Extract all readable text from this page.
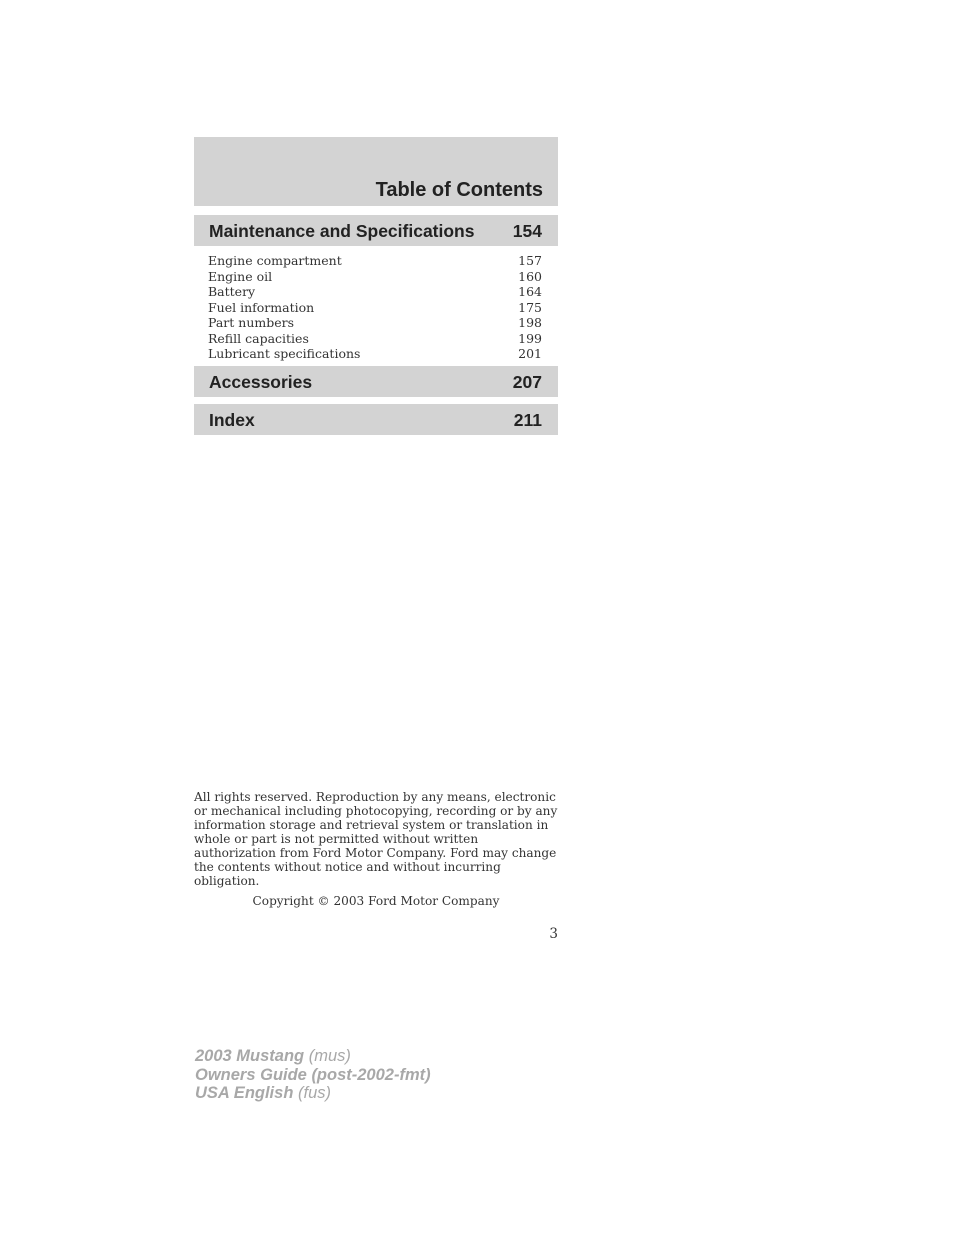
Table of Contents
Maintenance and Specifications 154
Engine compartment	157
Engine oil	160
Battery	164
Fuel information	175
Part numbers	198
Refill capacities	199
Lubricant specifications	201
Accessories	207
Index	211
All rights reserved. Reproduction by any means, electronic
or mechanical including photocopying, recording or by any
information storage and retrieval system or translation in
whole or part is not permitted without written
authorization from Ford Motor Company. Ford may change
the contents without notice and without incurring
obligation.
Copyright © 2003 Ford Motor Company
3
2003 Mustang (mus)
Owners Guide (post-2002-fmt)
USA English (fus)
